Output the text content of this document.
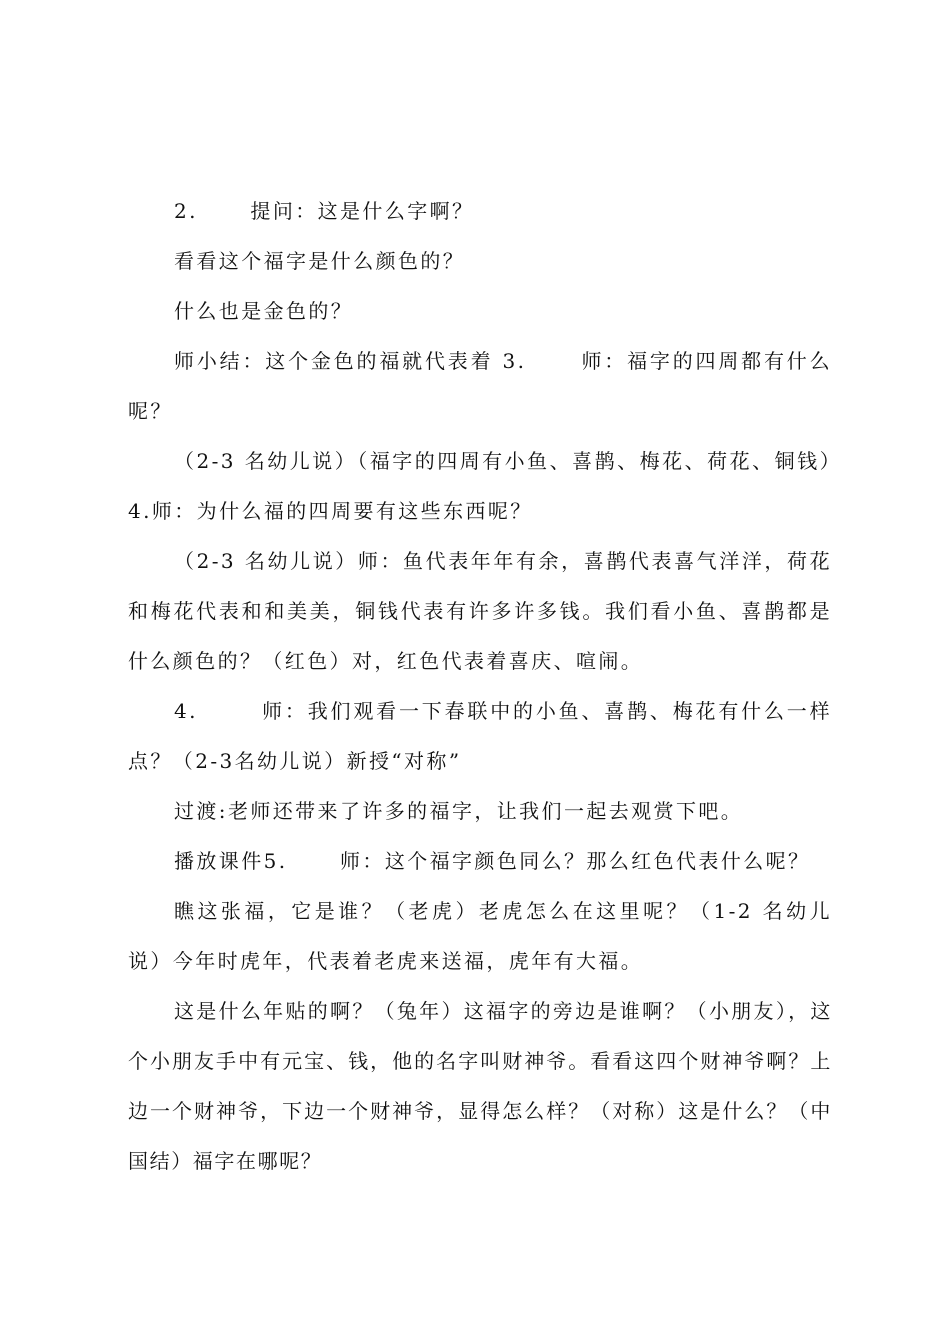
2.      提问：这是什么字啊？

看看这个福字是什么颜色的？

什么也是金色的？

师小结：这个金色的福就代表着 3.      师：福字的四周都有什么呢？

（2-3 名幼儿说）（福字的四周有小鱼、喜鹊、梅花、荷花、铜钱）4.师：为什么福的四周要有这些东西呢？

（2-3 名幼儿说）师：鱼代表年年有余，喜鹊代表喜气洋洋，荷花和梅花代表和和美美，铜钱代表有许多许多钱。我们看小鱼、喜鹊都是什么颜色的？（红色）对，红色代表着喜庆、喧闹。

4.       师：我们观看一下春联中的小鱼、喜鹊、梅花有什么一样点？（2-3名幼儿说）新授“对称”

过渡:老师还带来了许多的福字，让我们一起去观赏下吧。

播放课件5.      师：这个福字颜色同么？那么红色代表什么呢？

瞧这张福，它是谁？（老虎）老虎怎么在这里呢？（1-2 名幼儿说）今年时虎年，代表着老虎来送福，虎年有大福。

这是什么年贴的啊？（兔年）这福字的旁边是谁啊？（小朋友），这个小朋友手中有元宝、钱，他的名字叫财神爷。看看这四个财神爷啊？上边一个财神爷，下边一个财神爷，显得怎么样？（对称）这是什么？（中国结）福字在哪呢？
